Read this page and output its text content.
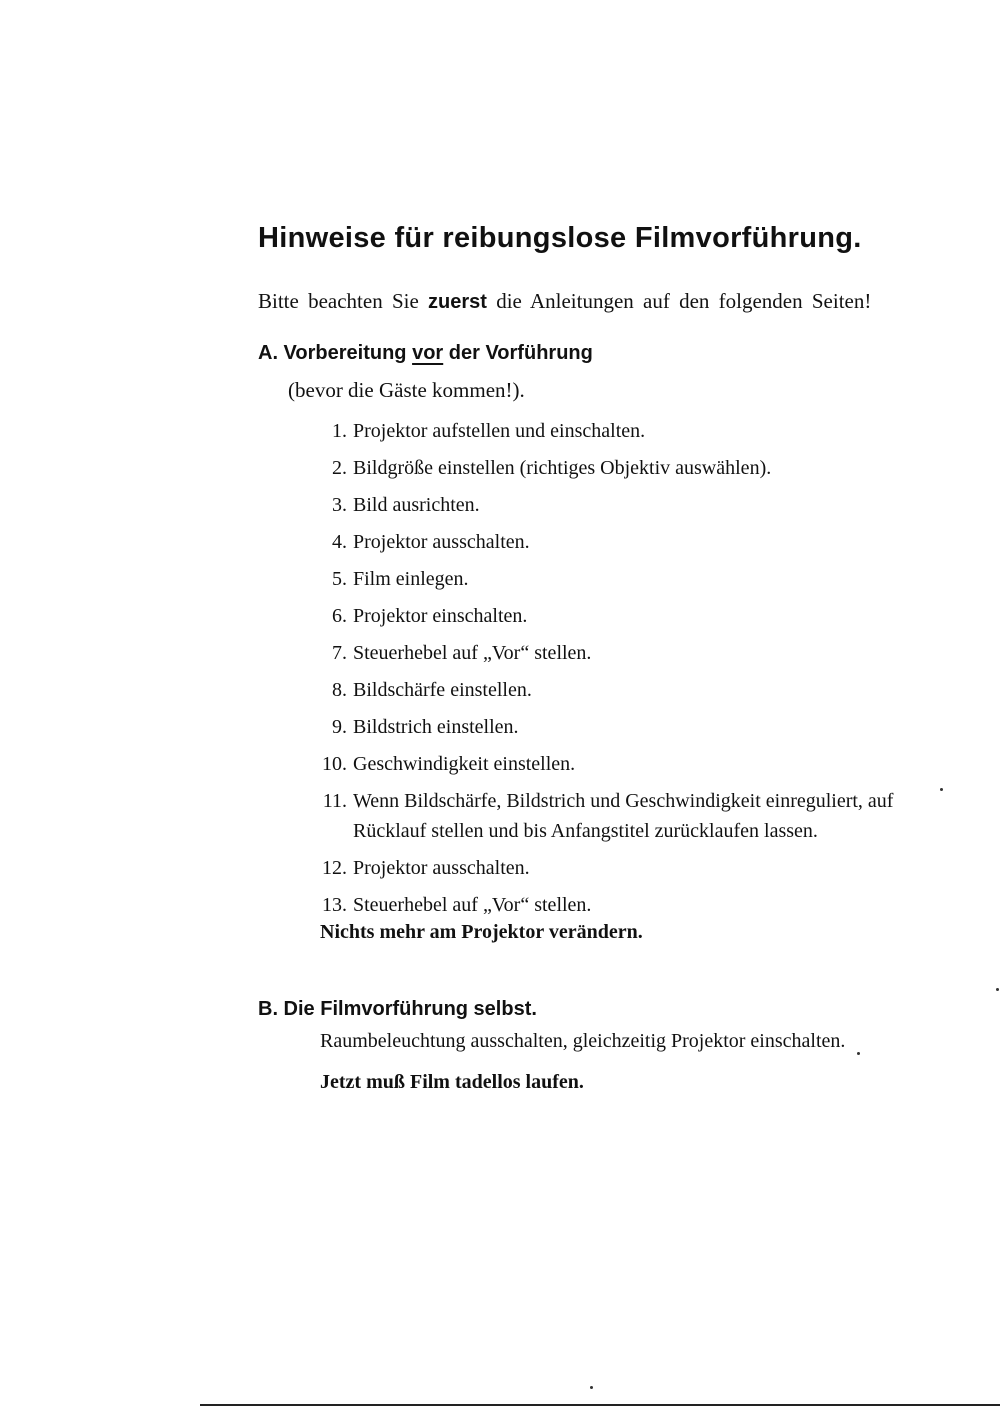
Hinweise für reibungslose Filmvorführung.
Bitte beachten Sie zuerst die Anleitungen auf den folgenden Seiten!
A. Vorbereitung vor der Vorführung
(bevor die Gäste kommen!).
1. Projektor aufstellen und einschalten.
2. Bildgröße einstellen (richtiges Objektiv auswählen).
3. Bild ausrichten.
4. Projektor ausschalten.
5. Film einlegen.
6. Projektor einschalten.
7. Steuerhebel auf „Vor“ stellen.
8. Bildschärfe einstellen.
9. Bildstrich einstellen.
10. Geschwindigkeit einstellen.
11. Wenn Bildschärfe, Bildstrich und Geschwindigkeit einreguliert, auf Rücklauf stellen und bis Anfangstitel zurücklaufen lassen.
12. Projektor ausschalten.
13. Steuerhebel auf „Vor“ stellen.
Nichts mehr am Projektor verändern.
B. Die Filmvorführung selbst.
Raumbeleuchtung ausschalten, gleichzeitig Projektor einschalten.
Jetzt muß Film tadellos laufen.
